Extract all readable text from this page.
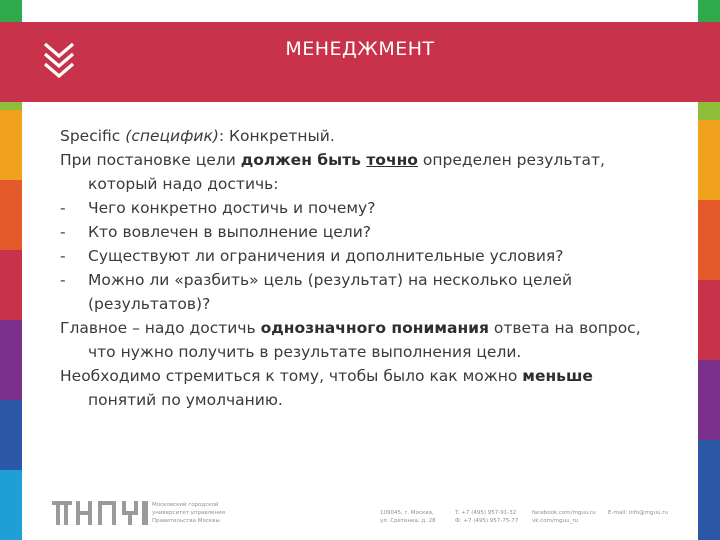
МЕНЕДЖМЕНТ

Specific (специфик): Конкретный.

При постановке цели должен быть точно определен результат,

который надо достичь:

-	Чего конкретно достичь и почему?
-	Кто вовлечен в выполнение цели?
-	Существуют ли ограничения и дополнительные условия?
-	Можно ли «разбить» цель (результат) на несколько целей

(результатов)?

Главное – надо достичь однозначного понимания ответа на вопрос,

что нужно получить в результате выполнения цели.

Необходимо стремиться к тому, чтобы было как можно меньше

понятий по умолчанию.

Московский городской
университет управления
Правительства Москвы
109045, г. Москва,
ул. Сретенка, д. 28
T: +7 (495) 957-91-32
Ф: +7 (495) 957-75-77
facebook.com/mguu.ru
vk.com/mguu_ru
E-mail: info@mguu.ru
